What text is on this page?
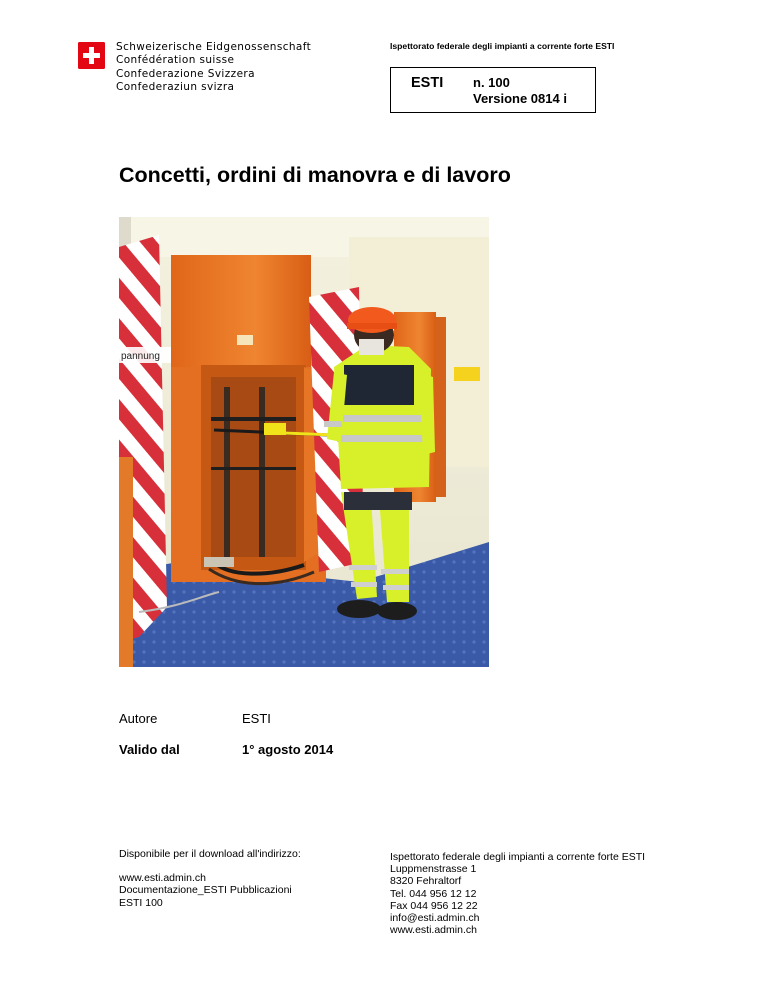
Schweizerische Eidgenossenschaft
Confédération suisse
Confederazione Svizzera
Confederaziun svizra
Ispettorato federale degli impianti a corrente forte ESTI
ESTI n. 100
Versione 0814 i
Concetti, ordini di manovra e di lavoro
pannung
Autore	ESTI
Valido dal	1° agosto 2014
Disponibile per il download all'indirizzo:
www.esti.admin.ch
Documentazione_ESTI Pubblicazioni
ESTI 100
Ispettorato federale degli impianti a corrente forte ESTI
Luppmenstrasse 1
8320 Fehraltorf
Tel. 044 956 12 12
Fax 044 956 12 22
info@esti.admin.ch
www.esti.admin.ch
